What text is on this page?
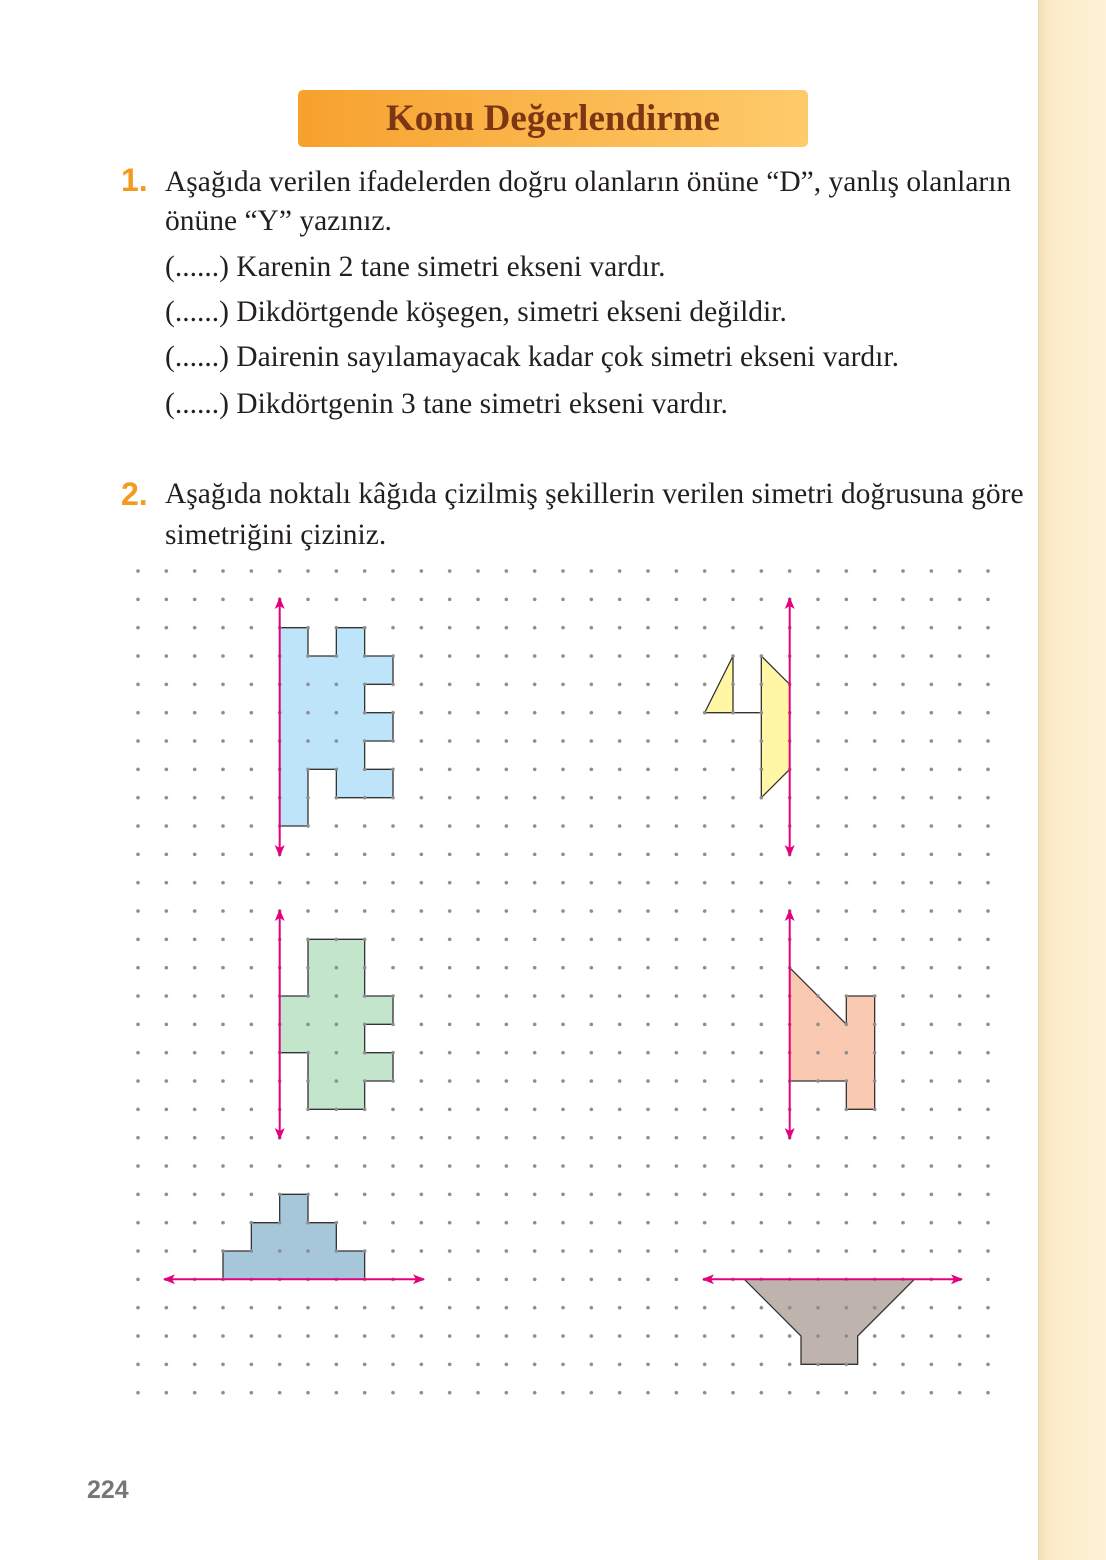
Konu Değerlendirme
1. Aşağıda verilen ifadelerden doğru olanların önüne “D”, yanlış olanların
önüne “Y” yazınız.
(......) Karenin 2 tane simetri ekseni vardır.
(......) Dikdörtgende köşegen, simetri ekseni değildir.
(......) Dairenin sayılamayacak kadar çok simetri ekseni vardır.
(......) Dikdörtgenin 3 tane simetri ekseni vardır.
2. Aşağıda noktalı kâğıda çizilmiş şekillerin verilen simetri doğrusuna göre
simetriğini çiziniz.
224
